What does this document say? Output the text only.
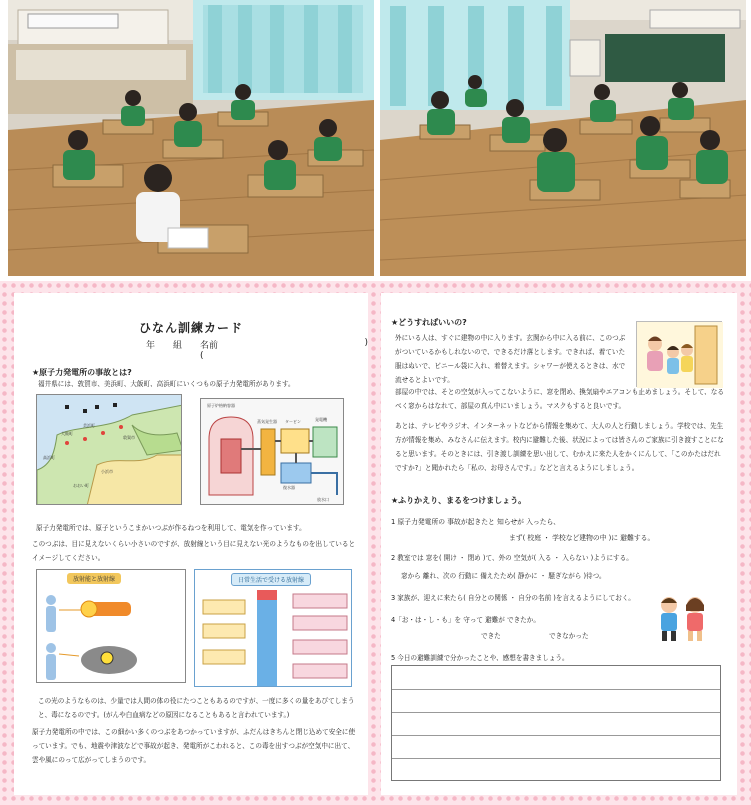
ひなん訓練カード
年 組 名前(
)
★原子力発電所の事故とは?
福井県には、敦賀市、美浜町、大飯町、高浜町にいくつもの原子力発電所があります。
敦賀市
美浜町
高浜町
大飯町
小浜市
おおい町
原子炉格納容器
蒸気発生器 タービン	発電機
復水器
放水口
原子力発電所では、原子というこまかいつぶが作るねつを利用して、電気を作っています。
このつぶは、目に見えないくらい小さいのですが、放射線という目に見えない光のようなものを出しているとイメージしてください。
放射能と放射線	日常生活で受ける放射線
この光のようなものは、少量では人間の体の役にたつこともあるのですが、一度に多くの量をあびてしまうと、毒になるのです。(がんや白血病などの原因になることもあると言われています。)
原子力発電所の中では、この細かい多くのつぶをあつかっていますが、ふだんはきちんと閉じ込めて安全に使っています。でも、地震や津波などで事故が起き、発電所がこわれると、この毒を出すつぶが空気中に出て、雲や風にのって広がってしまうのです。
★どうすればいいの?
外にいる人は、すぐに建物の中に入ります。玄関から中に入る前に、このつぶがついているかもしれないので、できるだけ落とします。できれば、着ていた服はぬいで、ビニール袋に入れ、着替えます。シャワーが使えるときは、水で流せるとよいです。
部屋の中では、そとの空気が入ってこないように、窓を閉め、換気扇やエアコンも止めましょう。そして、なるべく窓からはなれて、部屋の真ん中にいましょう。マスクもすると良いです。
あとは、テレビやラジオ、インターネットなどから情報を集めて、大人の人と行動しましょう。学校では、先生方が情報を集め、みなさんに伝えます。校内に避難した後、状況によっては皆さんのご家族に引き渡すことになると思います。そのときには、引き渡し訓練を思い出して、むかえに来た人をかくにんして、「このかたはだれですか?」と聞かれたら「私の、お母さんです。」などと言えるようにしましょう。
★ふりかえり、まるをつけましょう。
1 原子力発電所の 事故が起きたと 知らせが 入ったら、
まず( 校庭 ・ 学校など建物の中 )に 避難する。
2 教室では 窓を( 開け ・ 閉め )て、外の 空気が( 入る ・ 入らない )ようにする。
窓から 離れ、次の 行動に 備えたため( 静かに ・ 騒ぎながら )待つ。
3 家族が、迎えに来たら( 自分との関係 ・ 自分の名前 )を言えるようにしておく。
4「お・は・し・も」を 守って 避難が できたか。
できた	できなかった
5 今日の避難訓練で分かったことや、感想を書きましょう。
